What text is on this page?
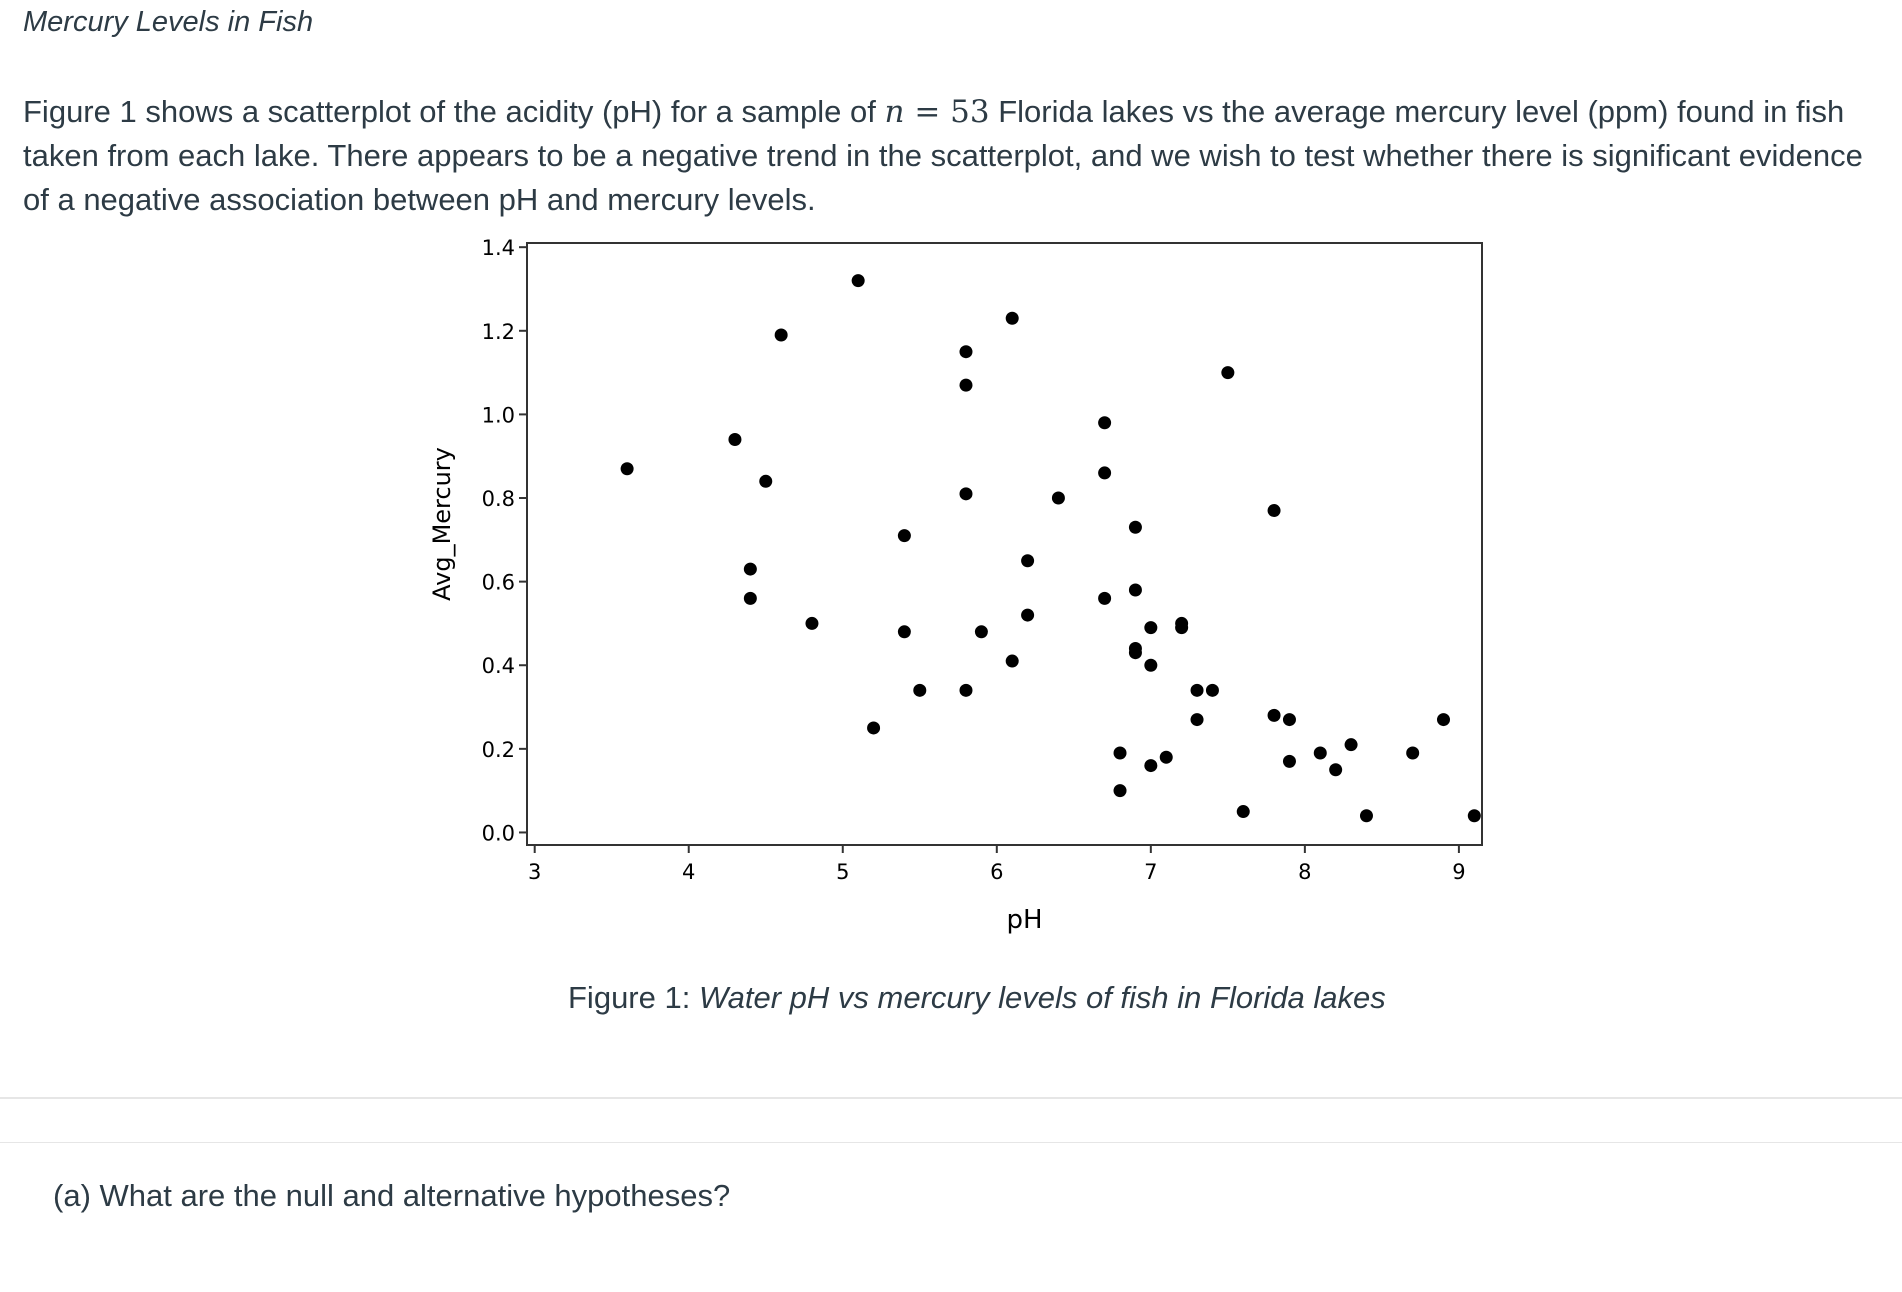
Mercury Levels in Fish
Figure 1 shows a scatterplot of the acidity (pH) for a sample of n = 53 Florida lakes vs the average mercury level (ppm) found in fish taken from each lake. There appears to be a negative trend in the scatterplot, and we wish to test whether there is significant evidence of a negative association between pH and mercury levels.
0.0
0.2
0.4
0.6
0.8
1.0
1.2
1.4
3	4	5	6	7	8	9
pH
Avg_Mercury
Figure 1: Water pH vs mercury levels of fish in Florida lakes
(a) What are the null and alternative hypotheses?
